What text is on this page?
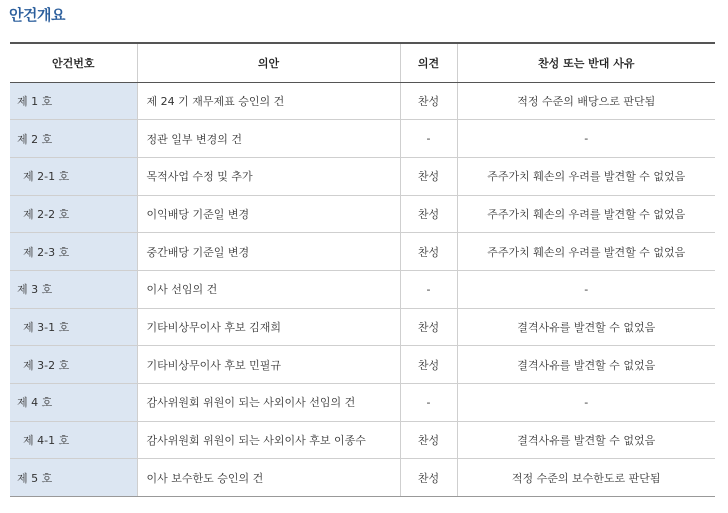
안건개요
안건번호	의안	의견	찬성 또는 반대 사유
제 1 호	제 24 기 재무제표 승인의 건	찬성	적정 수준의 배당으로 판단됨
제 2 호	정관 일부 변경의 건	-	-
제 2-1 호	목적사업 수정 및 추가	찬성	주주가치 훼손의 우려를 발견할 수 없었음
제 2-2 호	이익배당 기준일 변경	찬성	주주가치 훼손의 우려를 발견할 수 없었음
제 2-3 호	중간배당 기준일 변경	찬성	주주가치 훼손의 우려를 발견할 수 없었음
제 3 호	이사 선임의 건	-	-
제 3-1 호	기타비상무이사 후보 김재희	찬성	결격사유를 발견할 수 없었음
제 3-2 호	기타비상무이사 후보 민필규	찬성	결격사유를 발견할 수 없었음
제 4 호	감사위원회 위원이 되는 사외이사 선임의 건	-	-
제 4-1 호	감사위원회 위원이 되는 사외이사 후보 이종수	찬성	결격사유를 발견할 수 없었음
제 5 호	이사 보수한도 승인의 건	찬성	적정 수준의 보수한도로 판단됨
